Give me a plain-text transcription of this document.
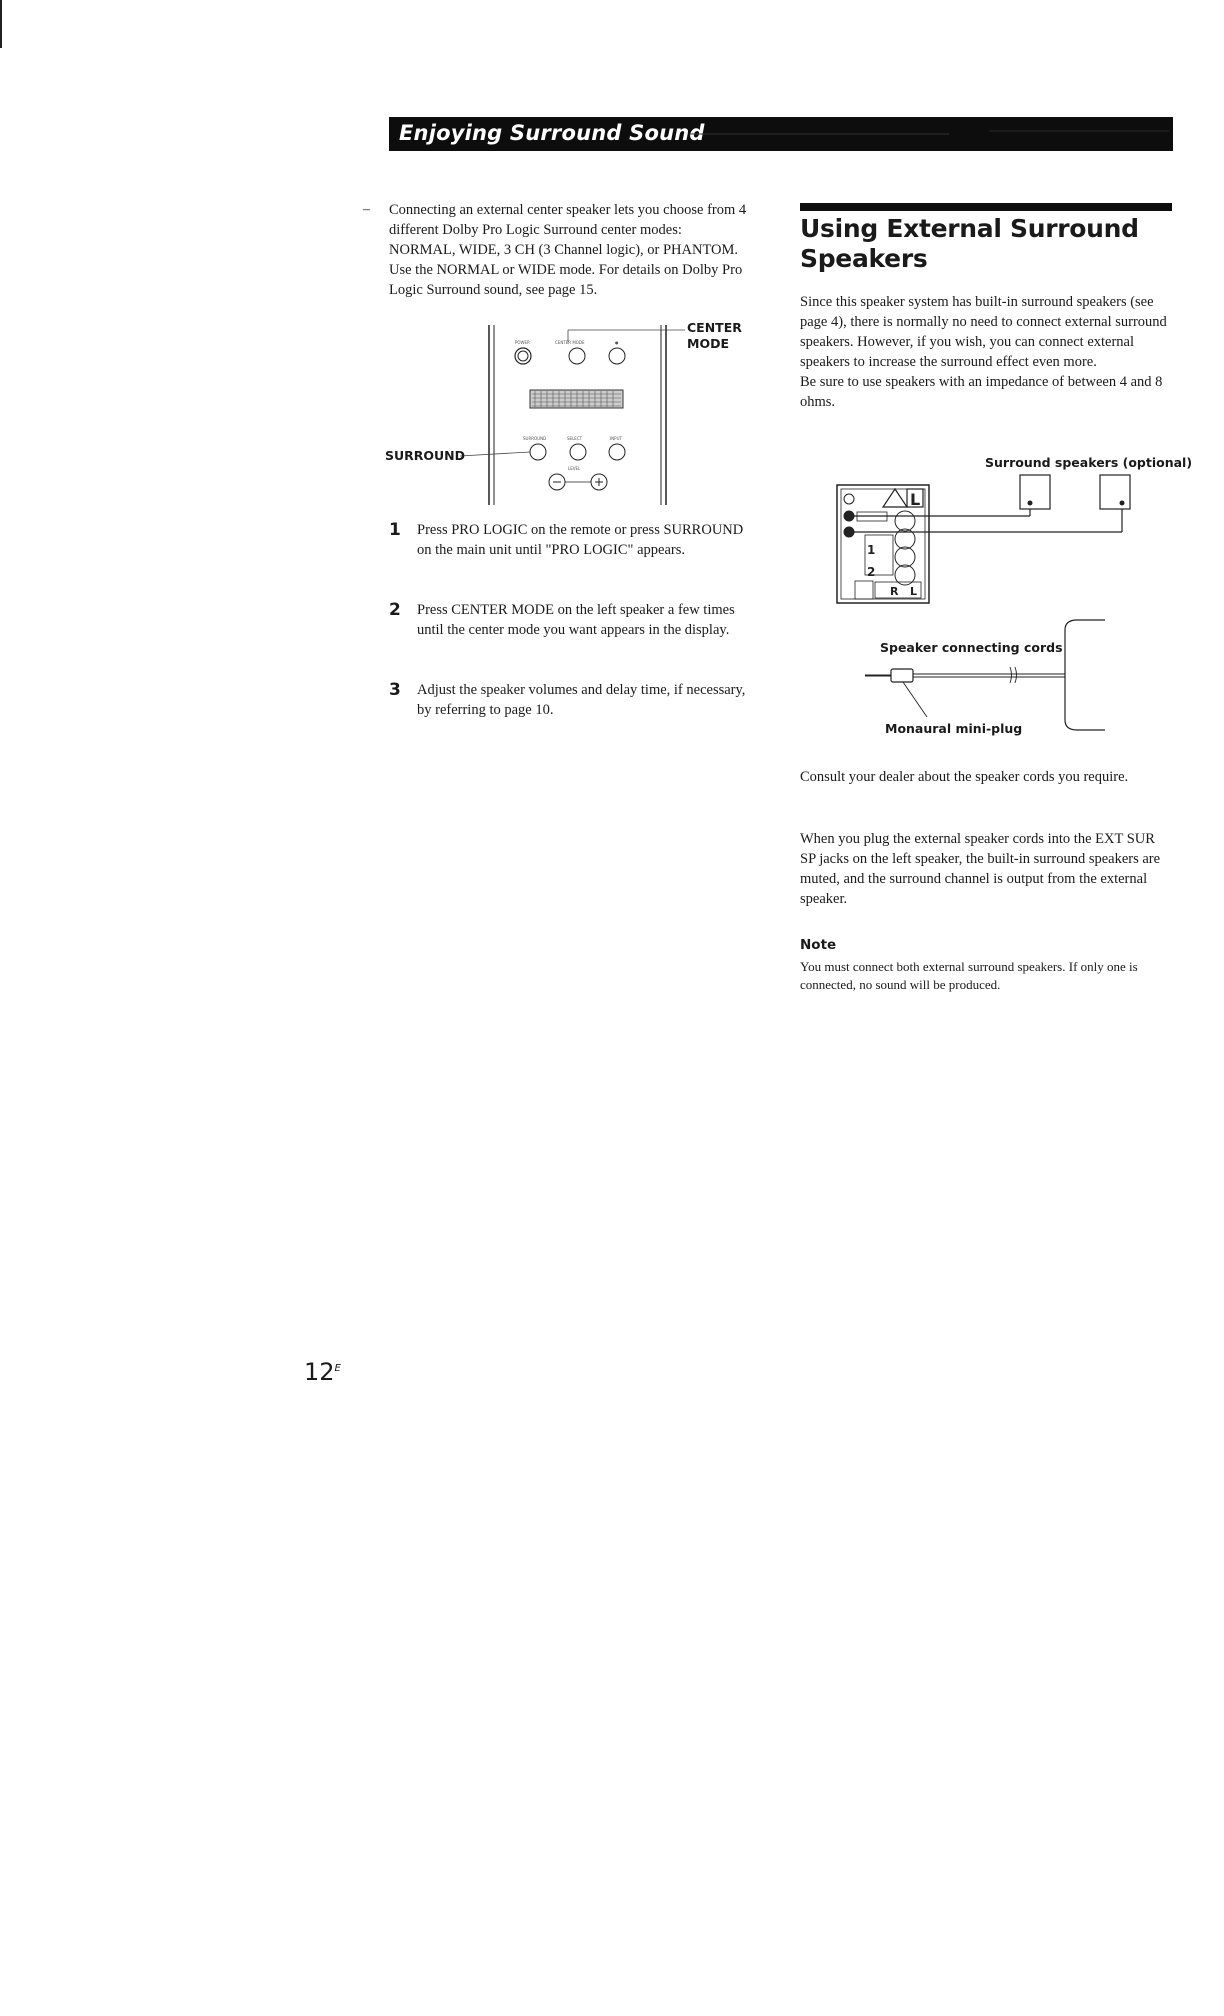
Enjoying Surround Sound
– Connecting an external center speaker lets you choose from 4 different Dolby Pro Logic Surround center modes: NORMAL, WIDE, 3 CH (3 Channel logic), or PHANTOM. Use the NORMAL or WIDE mode. For details on Dolby Pro Logic Surround sound, see page 15.
POWER	CENTER MODE	●
SURROUND	SELECT	INPUT
LEVEL
CENTER MODE
SURROUND
1 Press PRO LOGIC on the remote or press SURROUND on the main unit until "PRO LOGIC" appears.
2 Press CENTER MODE on the left speaker a few times until the center mode you want appears in the display.
3 Adjust the speaker volumes and delay time, if necessary, by referring to page 10.
Using External Surround Speakers
Since this speaker system has built-in surround speakers (see page 4), there is normally no need to connect external surround speakers. However, if you wish, you can connect external speakers to increase the surround effect even more.
Be sure to use speakers with an impedance of between 4 and 8 ohms.
L
1
2
R L
Surround speakers (optional)
Speaker connecting cords
Monaural mini-plug
Consult your dealer about the speaker cords you require.
When you plug the external speaker cords into the EXT SUR SP jacks on the left speaker, the built-in surround speakers are muted, and the surround channel is output from the external speaker.
Note
You must connect both external surround speakers. If only one is connected, no sound will be produced.
$12^E$
